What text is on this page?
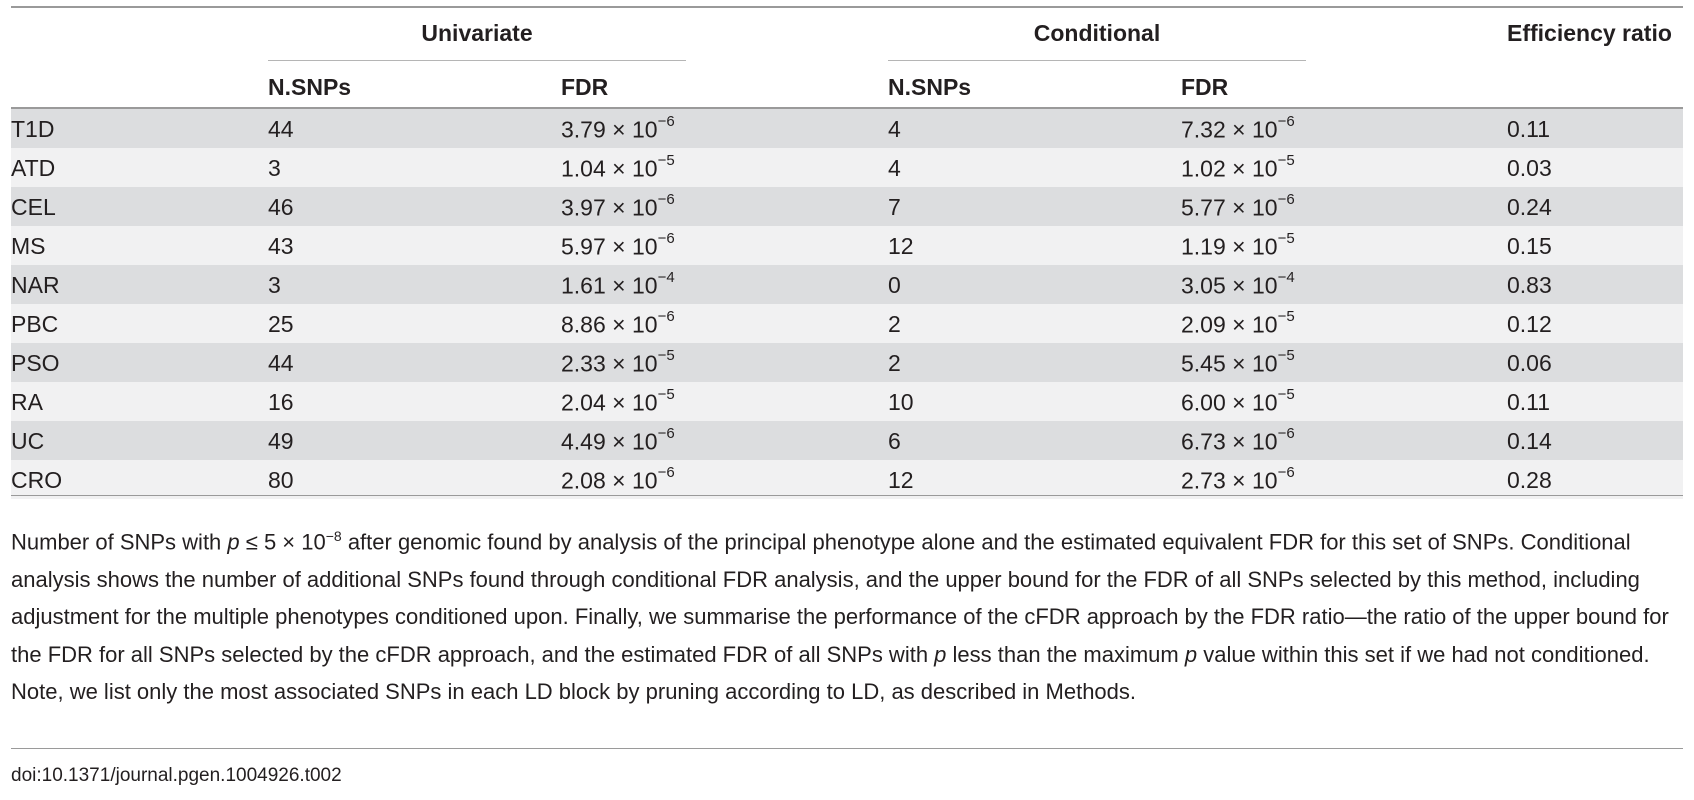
Univariate	Conditional	Efficiency ratio
N.SNPs	FDR	N.SNPs	FDR
T1D	44	$3.79 \times 10^{-6}$	4	$7.32 \times 10^{-6}$	0.11
ATD	3	$1.04 \times 10^{-5}$	4	$1.02 \times 10^{-5}$	0.03
CEL	46	$3.97 \times 10^{-6}$	7	$5.77 \times 10^{-6}$	0.24
MS	43	$5.97 \times 10^{-6}$	12	$1.19 \times 10^{-5}$	0.15
NAR	3	$1.61 \times 10^{-4}$	0	$3.05 \times 10^{-4}$	0.83
PBC	25	$8.86 \times 10^{-6}$	2	$2.09 \times 10^{-5}$	0.12
PSO	44	$2.33 \times 10^{-5}$	2	$5.45 \times 10^{-5}$	0.06
RA	16	$2.04 \times 10^{-5}$	10	$6.00 \times 10^{-5}$	0.11
UC	49	$4.49 \times 10^{-6}$	6	$6.73 \times 10^{-6}$	0.14
CRO	80	$2.08 \times 10^{-6}$	12	$2.73 \times 10^{-6}$	0.28
Number of SNPs with $p \le 5 \times 10^{-8}$ after genomic found by analysis of the principal phenotype alone and the estimated equivalent FDR for this set of SNPs. Conditional analysis shows the number of additional SNPs found through conditional FDR analysis, and the upper bound for the FDR of all SNPs selected by this method, including adjustment for the multiple phenotypes conditioned upon. Finally, we summarise the performance of the cFDR approach by the FDR ratio—the ratio of the upper bound for the FDR for all SNPs selected by the cFDR approach, and the estimated FDR of all SNPs with p less than the maximum p value within this set if we had not conditioned. Note, we list only the most associated SNPs in each LD block by pruning according to LD, as described in Methods.
doi:10.1371/journal.pgen.1004926.t002
